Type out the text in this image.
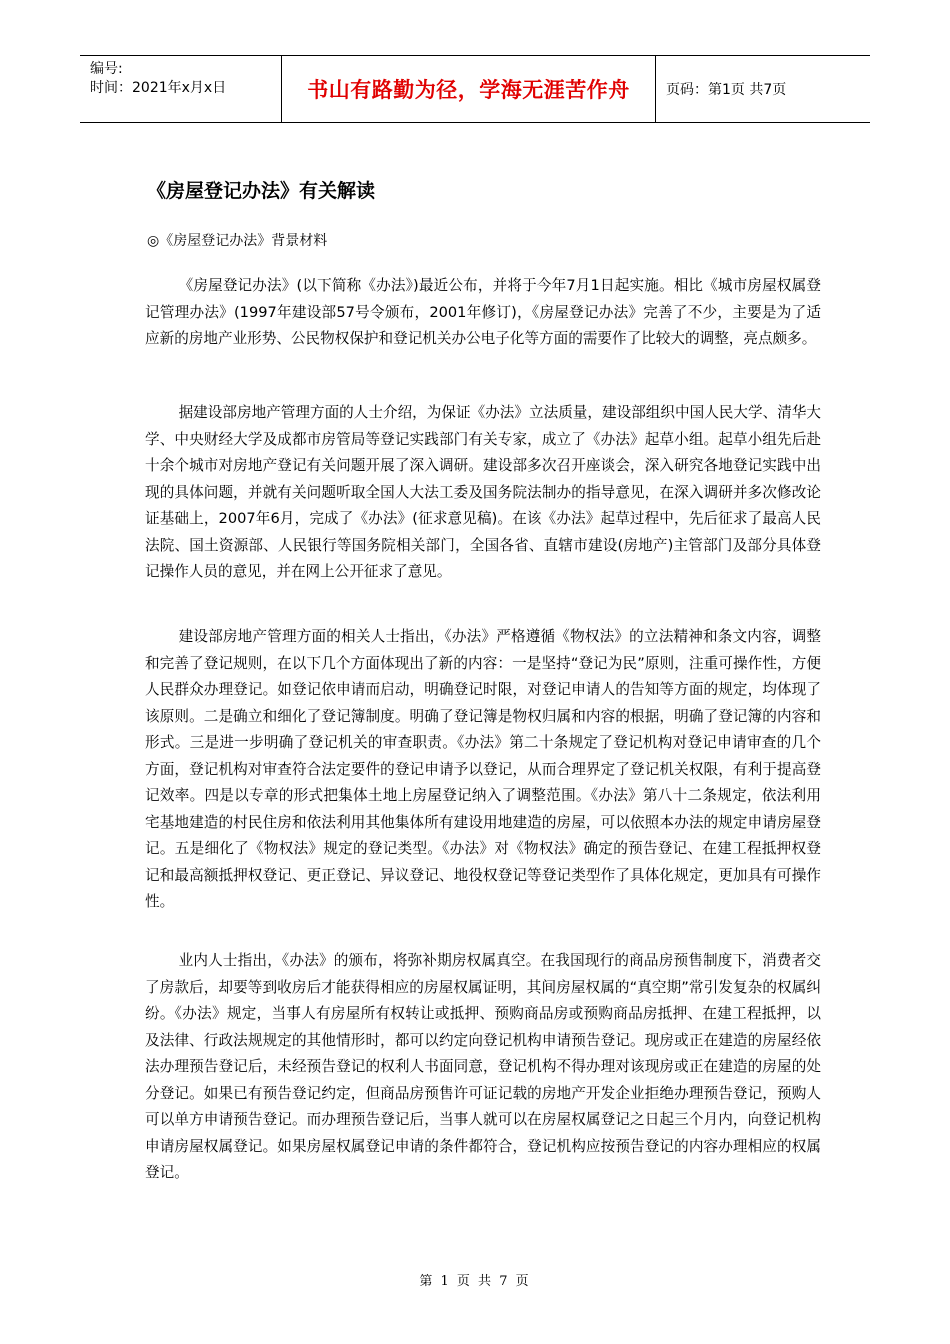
编号:
时间：2021年x月x日	书山有路勤为径，学海无涯苦作舟	页码：第1页 共7页
《房屋登记办法》有关解读
◎《房屋登记办法》背景材料

《房屋登记办法》(以下简称《办法》)最近公布，并将于今年7月1日起实施。相比《城市房屋权属登记管理办法》(1997年建设部57号令颁布，2001年修订)，《房屋登记办法》完善了不少，主要是为了适应新的房地产业形势、公民物权保护和登记机关办公电子化等方面的需要作了比较大的调整，亮点颇多。

据建设部房地产管理方面的人士介绍，为保证《办法》立法质量，建设部组织中国人民大学、清华大学、中央财经大学及成都市房管局等登记实践部门有关专家，成立了《办法》起草小组。起草小组先后赴十余个城市对房地产登记有关问题开展了深入调研。建设部多次召开座谈会，深入研究各地登记实践中出现的具体问题，并就有关问题听取全国人大法工委及国务院法制办的指导意见，在深入调研并多次修改论证基础上，2007年6月，完成了《办法》(征求意见稿)。在该《办法》起草过程中，先后征求了最高人民法院、国土资源部、人民银行等国务院相关部门，全国各省、直辖市建设(房地产)主管部门及部分具体登记操作人员的意见，并在网上公开征求了意见。

建设部房地产管理方面的相关人士指出，《办法》严格遵循《物权法》的立法精神和条文内容，调整和完善了登记规则，在以下几个方面体现出了新的内容：一是坚持“登记为民”原则，注重可操作性，方便人民群众办理登记。如登记依申请而启动，明确登记时限，对登记申请人的告知等方面的规定，均体现了该原则。二是确立和细化了登记簿制度。明确了登记簿是物权归属和内容的根据，明确了登记簿的内容和形式。三是进一步明确了登记机关的审查职责。《办法》第二十条规定了登记机构对登记申请审查的几个方面，登记机构对审查符合法定要件的登记申请予以登记，从而合理界定了登记机关权限，有利于提高登记效率。四是以专章的形式把集体土地上房屋登记纳入了调整范围。《办法》第八十二条规定，依法利用宅基地建造的村民住房和依法利用其他集体所有建设用地建造的房屋，可以依照本办法的规定申请房屋登记。五是细化了《物权法》规定的登记类型。《办法》对《物权法》确定的预告登记、在建工程抵押权登记和最高额抵押权登记、更正登记、异议登记、地役权登记等登记类型作了具体化规定，更加具有可操作性。

业内人士指出，《办法》的颁布，将弥补期房权属真空。在我国现行的商品房预售制度下，消费者交了房款后，却要等到收房后才能获得相应的房屋权属证明，其间房屋权属的“真空期”常引发复杂的权属纠纷。《办法》规定，当事人有房屋所有权转让或抵押、预购商品房或预购商品房抵押、在建工程抵押，以及法律、行政法规规定的其他情形时，都可以约定向登记机构申请预告登记。现房或正在建造的房屋经依法办理预告登记后，未经预告登记的权利人书面同意，登记机构不得办理对该现房或正在建造的房屋的处分登记。如果已有预告登记约定，但商品房预售许可证记载的房地产开发企业拒绝办理预告登记，预购人可以单方申请预告登记。而办理预告登记后，当事人就可以在房屋权属登记之日起三个月内，向登记机构申请房屋权属登记。如果房屋权属登记申请的条件都符合，登记机构应按预告登记的内容办理相应的权属登记。

第 1 页 共 7 页
